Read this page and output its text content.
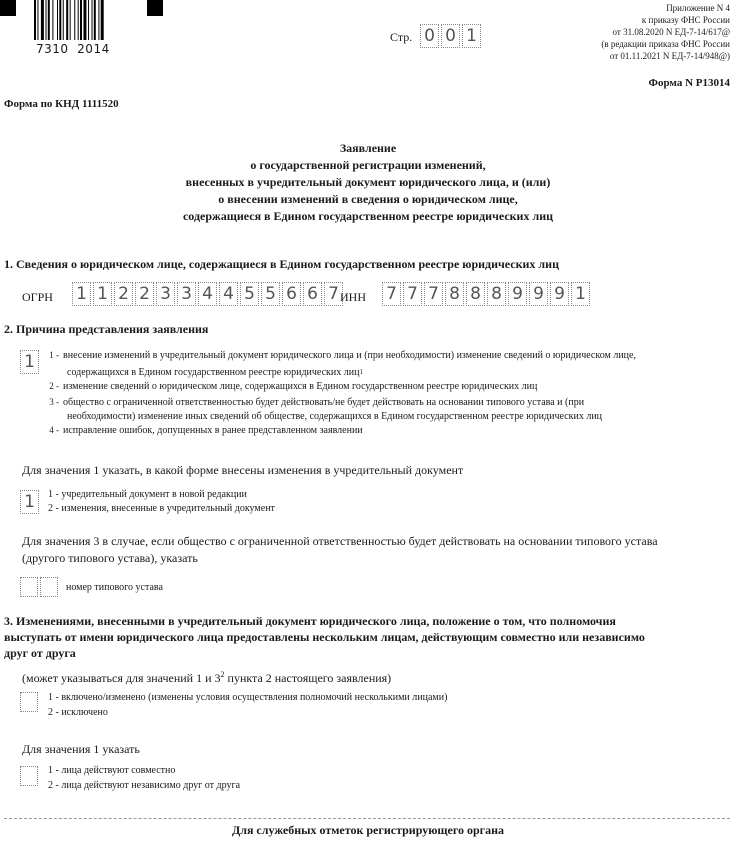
7310  2014
Стр. 0 0 1
Приложение N 4
к приказу ФНС России
от 31.08.2020 N ЕД-7-14/617@
(в редакции приказа ФНС России
от 01.11.2021 N ЕД-7-14/948@)
Форма N Р13014
Форма по КНД 1111520
Заявление
о государственной регистрации изменений,
внесенных в учредительный документ юридического лица, и (или)
о внесении изменений в сведения о юридическом лице,
содержащиеся в Едином государственном реестре юридических лиц
1. Сведения о юридическом лице, содержащиеся в Едином государственном реестре юридических лиц
ОГРН 1 1 2 2 3 3 4 4 5 5 6 6 7 ИНН 7 7 7 8 8 8 9 9 9 1
2. Причина представления заявления
1	1 - внесение изменений в учредительный документ юридического лица и (при необходимости) изменение сведений о юридическом лице,
содержащихся в Едином государственном реестре юридических лиц 1
2 - изменение сведений о юридическом лице, содержащихся в Едином государственном реестре юридических лиц
3 - общество с ограниченной ответственностью будет действовать/не будет действовать на основании типового устава и (при
необходимости) изменение иных сведений об обществе, содержащихся в Едином государственном реестре юридических лиц
4 - исправление ошибок, допущенных в ранее представленном заявлении
Для значения 1 указать, в какой форме внесены изменения в учредительный документ
1	1 - учредительный документ в новой редакции
2 - изменения, внесенные в учредительный документ
Для значения 3 в случае, если общество с ограниченной ответственностью будет действовать на основании типового устава
(другого типового устава), указать
номер типового устава
3. Изменениями, внесенными в учредительный документ юридического лица, положение о том, что полномочия
выступать от имени юридического лица предоставлены нескольким лицам, действующим совместно или независимо
друг от друга
(может указываться для значений 1 и $3^2$ пункта 2 настоящего заявления)
1 - включено/изменено (изменены условия осуществления полномочий несколькими лицами)
2 - исключено
Для значения 1 указать
1 - лица действуют совместно
2 - лица действуют независимо друг от друга
Для служебных отметок регистрирующего органа
